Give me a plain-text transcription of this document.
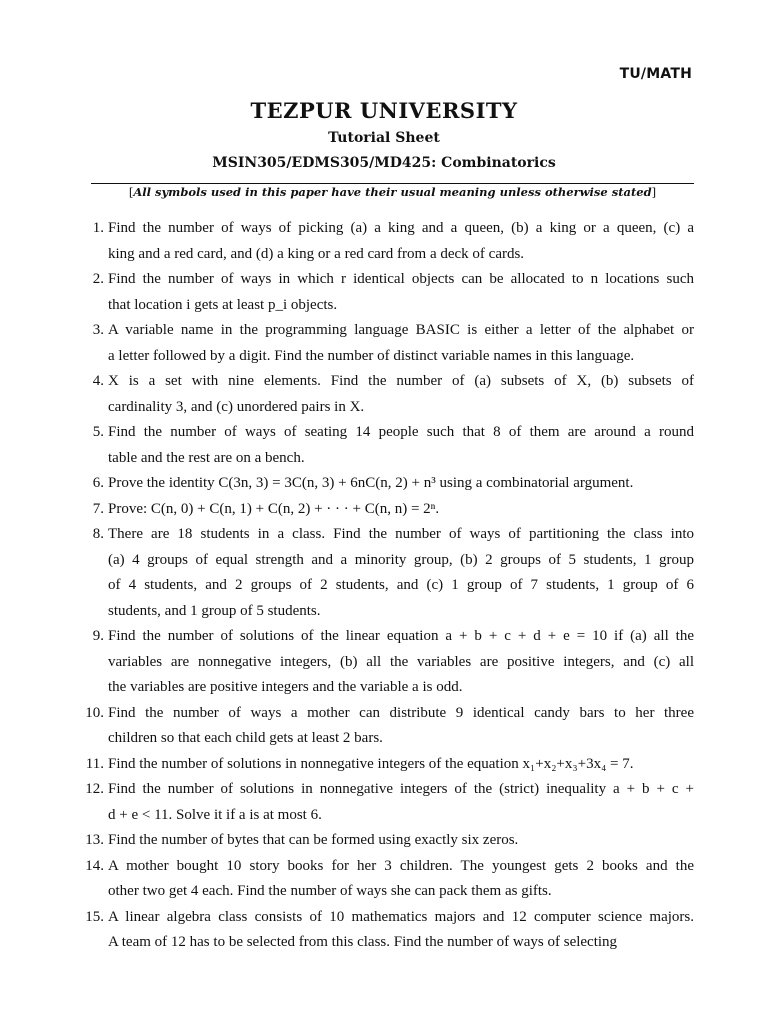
TU/MATH
TEZPUR UNIVERSITY
Tutorial Sheet
MSIN305/EDMS305/MD425: Combinatorics
[All symbols used in this paper have their usual meaning unless otherwise stated]
1. Find the number of ways of picking (a) a king and a queen, (b) a king or a queen, (c) a
king and a red card, and (d) a king or a red card from a deck of cards.
2. Find the number of ways in which r identical objects can be allocated to n locations such
that location i gets at least p_i objects.
3. A variable name in the programming language BASIC is either a letter of the alphabet or
a letter followed by a digit. Find the number of distinct variable names in this language.
4. X is a set with nine elements. Find the number of (a) subsets of X, (b) subsets of
cardinality 3, and (c) unordered pairs in X.
5. Find the number of ways of seating 14 people such that 8 of them are around a round
table and the rest are on a bench.
6. Prove the identity C(3n, 3) = 3C(n, 3) + 6nC(n, 2) + n³ using a combinatorial argument.
7. Prove: C(n, 0) + C(n, 1) + C(n, 2) + · · · + C(n, n) = 2ⁿ.
8. There are 18 students in a class. Find the number of ways of partitioning the class into
(a) 4 groups of equal strength and a minority group, (b) 2 groups of 5 students, 1 group
of 4 students, and 2 groups of 2 students, and (c) 1 group of 7 students, 1 group of 6
students, and 1 group of 5 students.
9. Find the number of solutions of the linear equation a + b + c + d + e = 10 if (a) all the
variables are nonnegative integers, (b) all the variables are positive integers, and (c) all
the variables are positive integers and the variable a is odd.
10. Find the number of ways a mother can distribute 9 identical candy bars to her three
children so that each child gets at least 2 bars.
11. Find the number of solutions in nonnegative integers of the equation x₁+x₂+x₃+3x₄ = 7.
12. Find the number of solutions in nonnegative integers of the (strict) inequality a + b + c +
d + e < 11. Solve it if a is at most 6.
13. Find the number of bytes that can be formed using exactly six zeros.
14. A mother bought 10 story books for her 3 children. The youngest gets 2 books and the
other two get 4 each. Find the number of ways she can pack them as gifts.
15. A linear algebra class consists of 10 mathematics majors and 12 computer science majors.
A team of 12 has to be selected from this class. Find the number of ways of selecting
